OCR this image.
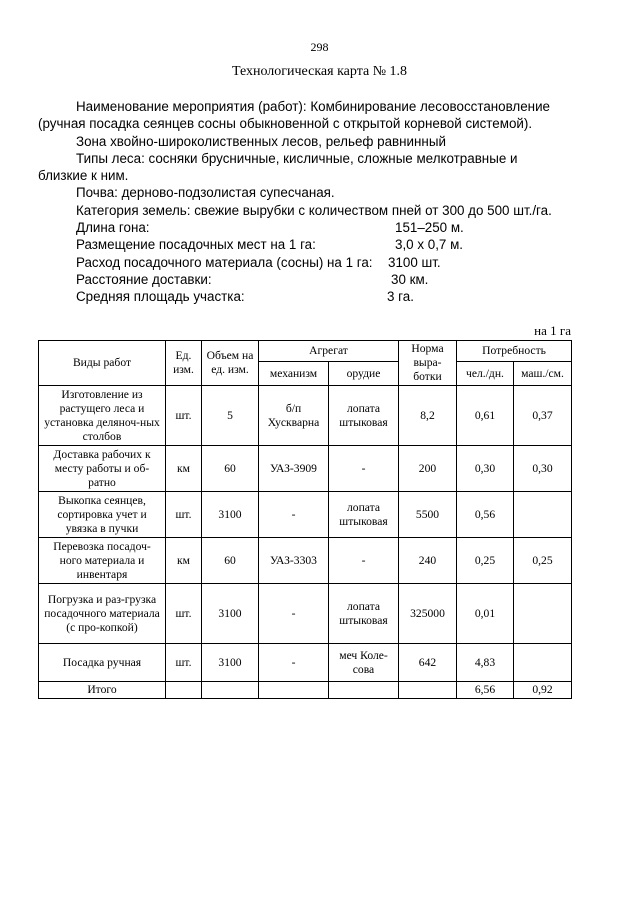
298
Технологическая карта № 1.8

Наименование мероприятия (работ): Комбинирование лесовосстановление

(ручная посадка сеянцев сосны обыкновенной с открытой корневой системой).

Зона хвойно-широколиственных лесов, рельеф равнинный

Типы леса: сосняки брусничные, кисличные, сложные мелкотравные и

близкие к ним.

Почва: дерново-подзолистая супесчаная.

Категория земель: свежие вырубки с количеством пней от 300 до 500 шт./га.

Длина гона:	151–250 м.
Размещение посадочных мест на 1 га:	3,0 х 0,7 м.
Расход посадочного материала (сосны) на 1 га: 3100 шт.
Расстояние доставки:	30 км.
Средняя площадь участка:	3 га.
на 1 га
Виды работ	Ед. изм.	Объем на ед. изм.	Агрегат		Норма выра-ботки	Потребность	
			механизм	орудие		чел./дн.	маш./см.
Изготовление из растущего леса и установка деляноч-ных столбов	шт.	5	б/п Хускварна	лопата штыковая	8,2	0,61	0,37
Доставка рабочих к месту работы и об-ратно	км	60	УАЗ-3909	-	200	0,30	0,30
Выкопка сеянцев, сортировка учет и увязка в пучки	шт.	3100	-	лопата штыковая	5500	0,56	
Перевозка посадоч-ного материала и инвентаря	км	60	УАЗ-3303	-	240	0,25	0,25
Погрузка и раз-грузка посадочного материала (с про-копкой)	шт.	3100	-	лопата штыковая	325000	0,01	
Посадка ручная	шт.	3100	-	меч Коле-сова	642	4,83	
Итого						6,56	0,92
